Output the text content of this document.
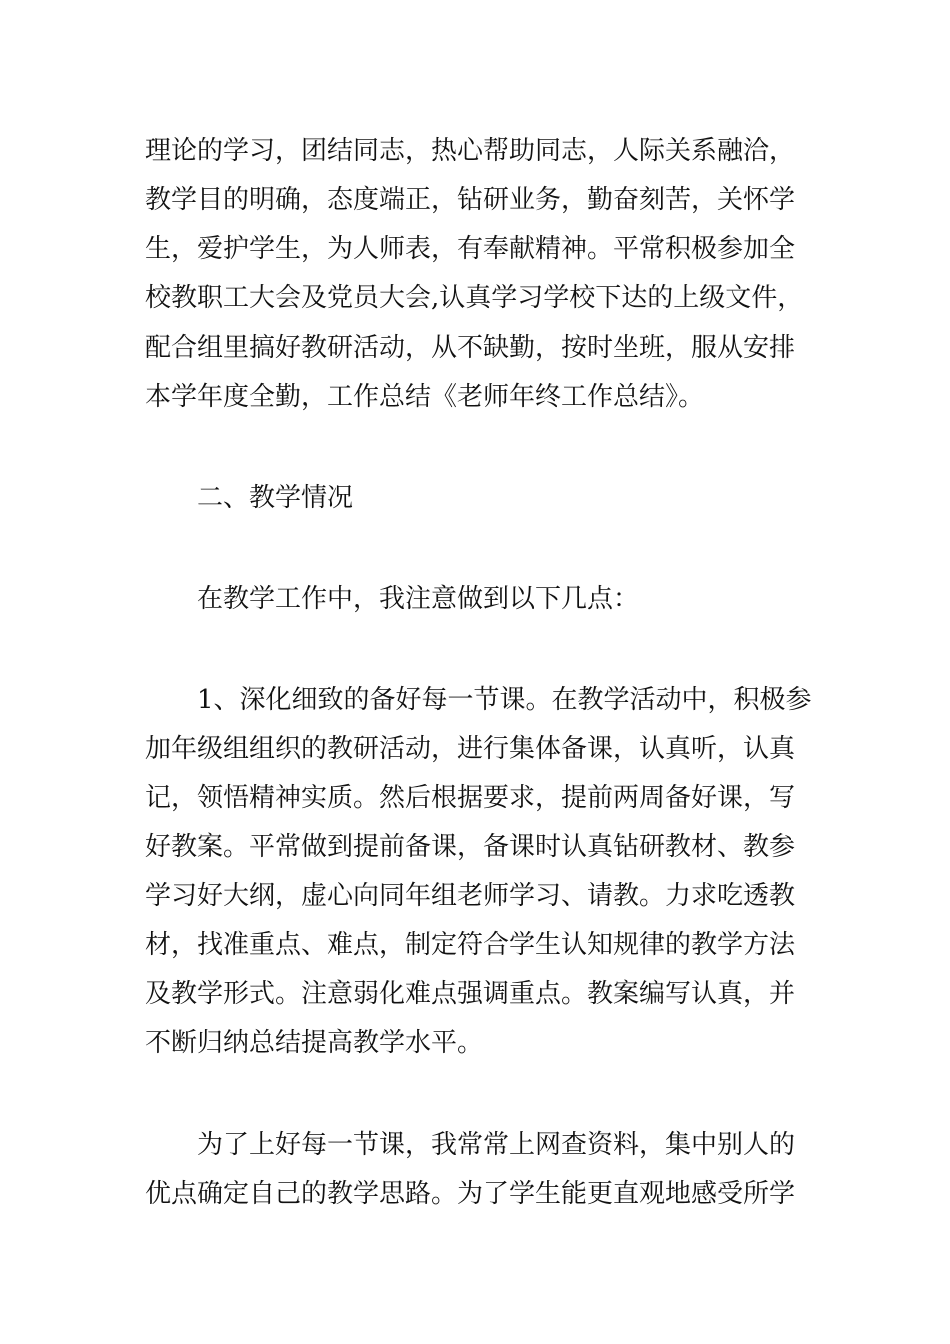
理论的学习，团结同志，热心帮助同志，人际关系融洽，
教学目的明确，态度端正，钻研业务，勤奋刻苦，关怀学
生，爱护学生，为人师表，有奉献精神。平常积极参加全
校教职工大会及党员大会,认真学习学校下达的上级文件，
配合组里搞好教研活动，从不缺勤，按时坐班，服从安排
本学年度全勤，工作总结《老师年终工作总结》。
二、教学情况
在教学工作中，我注意做到以下几点：
1、深化细致的备好每一节课。在教学活动中，积极参
加年级组组织的教研活动，进行集体备课，认真听，认真
记，领悟精神实质。然后根据要求，提前两周备好课，写
好教案。平常做到提前备课，备课时认真钻研教材、教参
学习好大纲，虚心向同年组老师学习、请教。力求吃透教
材，找准重点、难点，制定符合学生认知规律的教学方法
及教学形式。注意弱化难点强调重点。教案编写认真，并
不断归纳总结提高教学水平。
为了上好每一节课，我常常上网查资料，集中别人的
优点确定自己的教学思路。为了学生能更直观地感受所学
